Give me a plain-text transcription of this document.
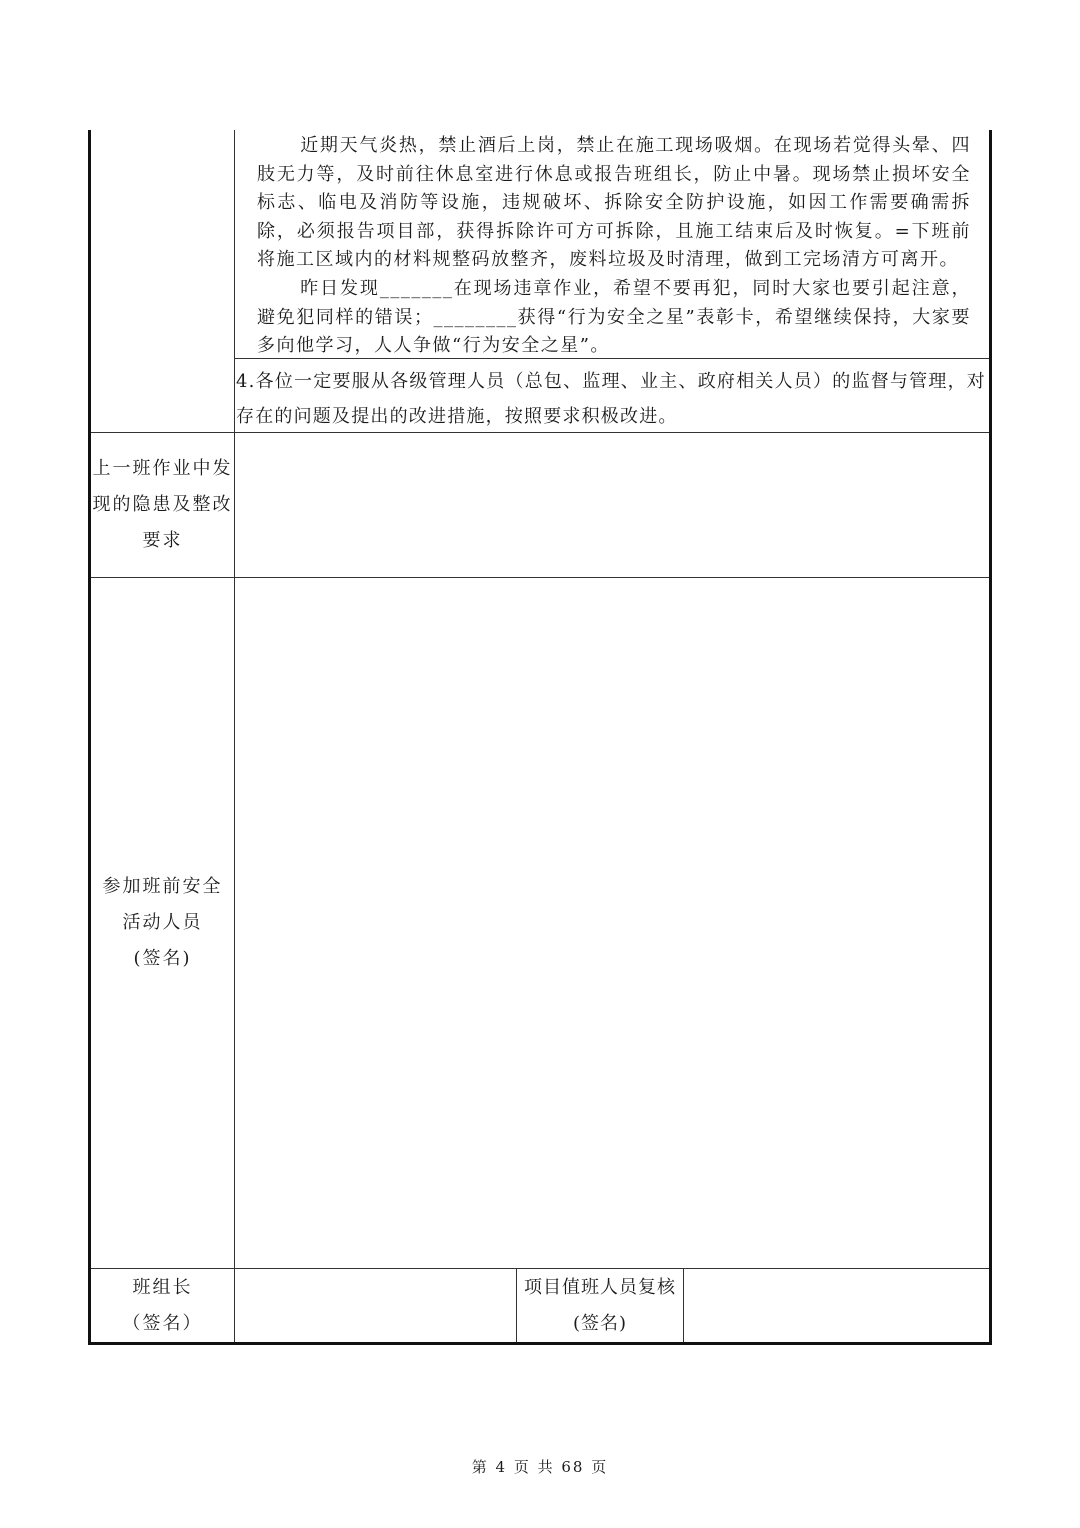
近期天气炎热，禁止酒后上岗，禁止在施工现场吸烟。在现场若觉得头晕、四肢无力等，及时前往休息室进行休息或报告班组长，防止中暑。现场禁止损坏安全标志、临电及消防等设施，违规破坏、拆除安全防护设施，如因工作需要确需拆除，必须报告项目部，获得拆除许可方可拆除，且施工结束后及时恢复。=下班前将施工区域内的材料规整码放整齐，废料垃圾及时清理，做到工完场清方可离开。

昨日发现_______在现场违章作业，希望不要再犯，同时大家也要引起注意，避免犯同样的错误；________获得“行为安全之星”表彰卡，希望继续保持，大家要多向他学习，人人争做“行为安全之星”。

4.各位一定要服从各级管理人员（总包、监理、业主、政府相关人员）的监督与管理，对存在的问题及提出的改进措施，按照要求积极改进。

上一班作业中发
现的隐患及整改
要求
参加班前安全
活动人员
(签名)
班组长
（签名）
项目值班人员复核
(签名)
第 4 页 共 68 页
